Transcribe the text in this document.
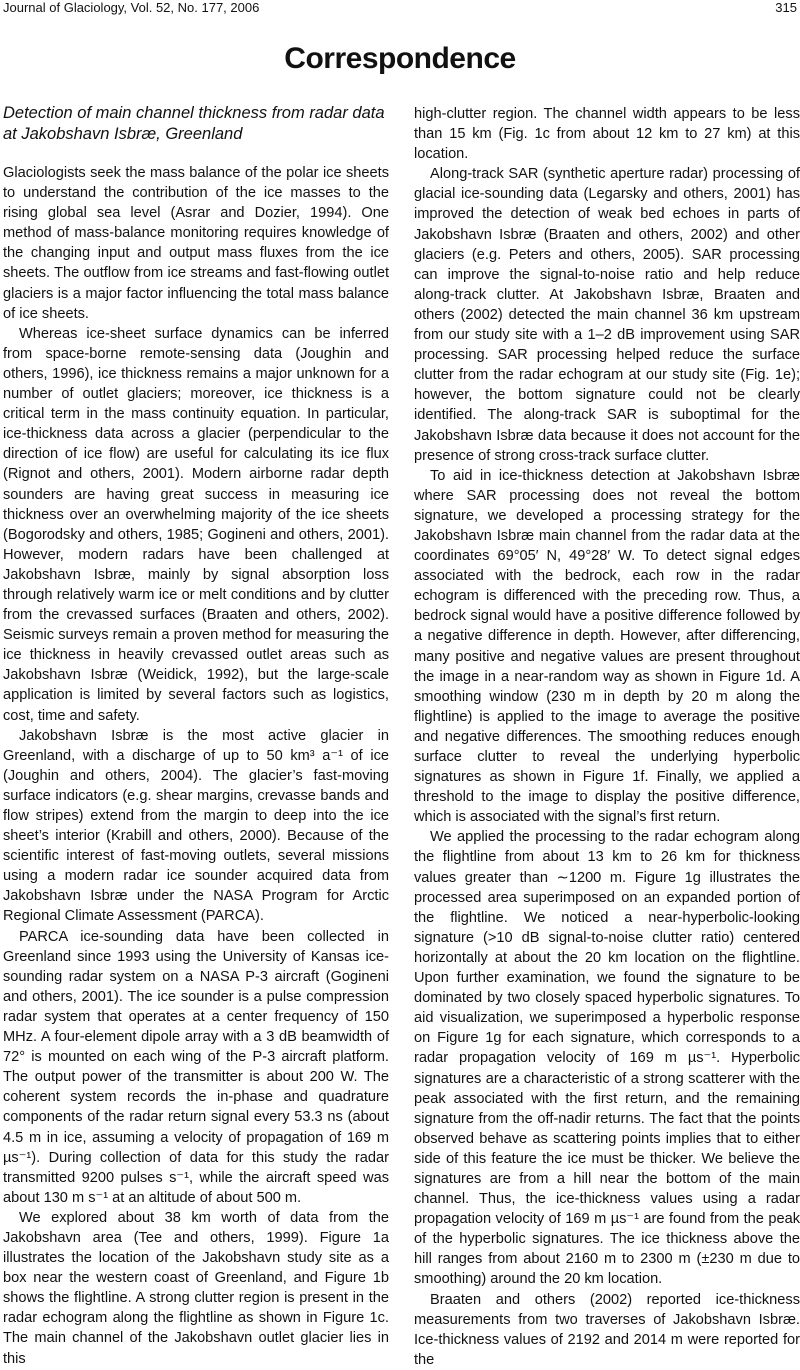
Journal of Glaciology, Vol. 52, No. 177, 2006	315
Correspondence
Detection of main channel thickness from radar data at Jakobshavn Isbræ, Greenland

Glaciologists seek the mass balance of the polar ice sheets to understand the contribution of the ice masses to the rising global sea level (Asrar and Dozier, 1994). One method of mass-balance monitoring requires knowledge of the changing input and output mass fluxes from the ice sheets. The outflow from ice streams and fast-flowing outlet glaciers is a major factor influencing the total mass balance of ice sheets.

Whereas ice-sheet surface dynamics can be inferred from space-borne remote-sensing data (Joughin and others, 1996), ice thickness remains a major unknown for a number of outlet glaciers; moreover, ice thickness is a critical term in the mass continuity equation. In particular, ice-thickness data across a glacier (perpendicular to the direction of ice flow) are useful for calculating its ice flux (Rignot and others, 2001). Modern airborne radar depth sounders are having great success in measuring ice thickness over an overwhelming majority of the ice sheets (Bogorodsky and others, 1985; Gogineni and others, 2001). However, modern radars have been challenged at Jakobshavn Isbræ, mainly by signal absorption loss through relatively warm ice or melt conditions and by clutter from the crevassed surfaces (Braaten and others, 2002). Seismic surveys remain a proven method for measuring the ice thickness in heavily crevassed outlet areas such as Jakobshavn Isbræ (Weidick, 1992), but the large-scale application is limited by several factors such as logistics, cost, time and safety.

Jakobshavn Isbræ is the most active glacier in Greenland, with a discharge of up to 50 km³ a⁻¹ of ice (Joughin and others, 2004). The glacier’s fast-moving surface indicators (e.g. shear margins, crevasse bands and flow stripes) extend from the margin to deep into the ice sheet’s interior (Krabill and others, 2000). Because of the scientific interest of fast-moving outlets, several missions using a modern radar ice sounder acquired data from Jakobshavn Isbræ under the NASA Program for Arctic Regional Climate Assessment (PARCA).

PARCA ice-sounding data have been collected in Greenland since 1993 using the University of Kansas ice-sounding radar system on a NASA P-3 aircraft (Gogineni and others, 2001). The ice sounder is a pulse compression radar system that operates at a center frequency of 150 MHz. A four-element dipole array with a 3 dB beamwidth of 72° is mounted on each wing of the P-3 aircraft platform. The output power of the transmitter is about 200 W. The coherent system records the in-phase and quadrature components of the radar return signal every 53.3 ns (about 4.5 m in ice, assuming a velocity of propagation of 169 m µs⁻¹). During collection of data for this study the radar transmitted 9200 pulses s⁻¹, while the aircraft speed was about 130 m s⁻¹ at an altitude of about 500 m.

We explored about 38 km worth of data from the Jakobshavn area (Tee and others, 1999). Figure 1a illustrates the location of the Jakobshavn study site as a box near the western coast of Greenland, and Figure 1b shows the flightline. A strong clutter region is present in the radar echogram along the flightline as shown in Figure 1c. The main channel of the Jakobshavn outlet glacier lies in this

high-clutter region. The channel width appears to be less than 15 km (Fig. 1c from about 12 km to 27 km) at this location.

Along-track SAR (synthetic aperture radar) processing of glacial ice-sounding data (Legarsky and others, 2001) has improved the detection of weak bed echoes in parts of Jakobshavn Isbræ (Braaten and others, 2002) and other glaciers (e.g. Peters and others, 2005). SAR processing can improve the signal-to-noise ratio and help reduce along-track clutter. At Jakobshavn Isbræ, Braaten and others (2002) detected the main channel 36 km upstream from our study site with a 1–2 dB improvement using SAR processing. SAR processing helped reduce the surface clutter from the radar echogram at our study site (Fig. 1e); however, the bottom signature could not be clearly identified. The along-track SAR is suboptimal for the Jakobshavn Isbræ data because it does not account for the presence of strong cross-track surface clutter.

To aid in ice-thickness detection at Jakobshavn Isbræ where SAR processing does not reveal the bottom signature, we developed a processing strategy for the Jakobshavn Isbræ main channel from the radar data at the coordinates 69°05′ N, 49°28′ W. To detect signal edges associated with the bedrock, each row in the radar echogram is differenced with the preceding row. Thus, a bedrock signal would have a positive difference followed by a negative difference in depth. However, after differencing, many positive and negative values are present throughout the image in a near-random way as shown in Figure 1d. A smoothing window (230 m in depth by 20 m along the flightline) is applied to the image to average the positive and negative differences. The smoothing reduces enough surface clutter to reveal the underlying hyperbolic signatures as shown in Figure 1f. Finally, we applied a threshold to the image to display the positive difference, which is associated with the signal’s first return.

We applied the processing to the radar echogram along the flightline from about 13 km to 26 km for thickness values greater than ∼1200 m. Figure 1g illustrates the processed area superimposed on an expanded portion of the flightline. We noticed a near-hyperbolic-looking signature (>10 dB signal-to-noise clutter ratio) centered horizontally at about the 20 km location on the flightline. Upon further examination, we found the signature to be dominated by two closely spaced hyperbolic signatures. To aid visualization, we superimposed a hyperbolic response on Figure 1g for each signature, which corresponds to a radar propagation velocity of 169 m µs⁻¹. Hyperbolic signatures are a characteristic of a strong scatterer with the peak associated with the first return, and the remaining signature from the off-nadir returns. The fact that the points observed behave as scattering points implies that to either side of this feature the ice must be thicker. We believe the signatures are from a hill near the bottom of the main channel. Thus, the ice-thickness values using a radar propagation velocity of 169 m µs⁻¹ are found from the peak of the hyperbolic signatures. The ice thickness above the hill ranges from about 2160 m to 2300 m (±230 m due to smoothing) around the 20 km location.

Braaten and others (2002) reported ice-thickness measurements from two traverses of Jakobshavn Isbræ. Ice-thickness values of 2192 and 2014 m were reported for the
